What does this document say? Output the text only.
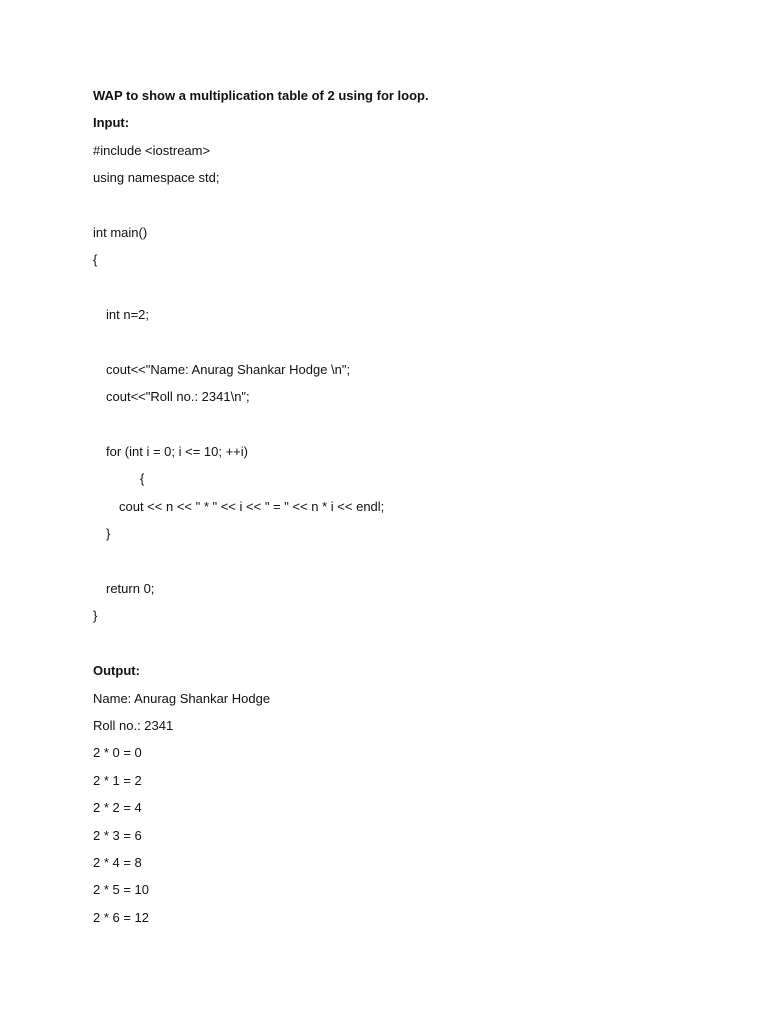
WAP to show a multiplication table of 2 using for loop.
Input:
#include <iostream>
using namespace std;
int main()
{
int n=2;
cout<<"Name: Anurag Shankar Hodge \n";
cout<<"Roll no.: 2341\n";
for (int i = 0; i <= 10; ++i)
{
cout << n << " * " << i << " = " << n * i << endl;
}
return 0;
}
Output:
Name: Anurag Shankar Hodge
Roll no.: 2341
2 * 0 = 0
2 * 1 = 2
2 * 2 = 4
2 * 3 = 6
2 * 4 = 8
2 * 5 = 10
2 * 6 = 12
